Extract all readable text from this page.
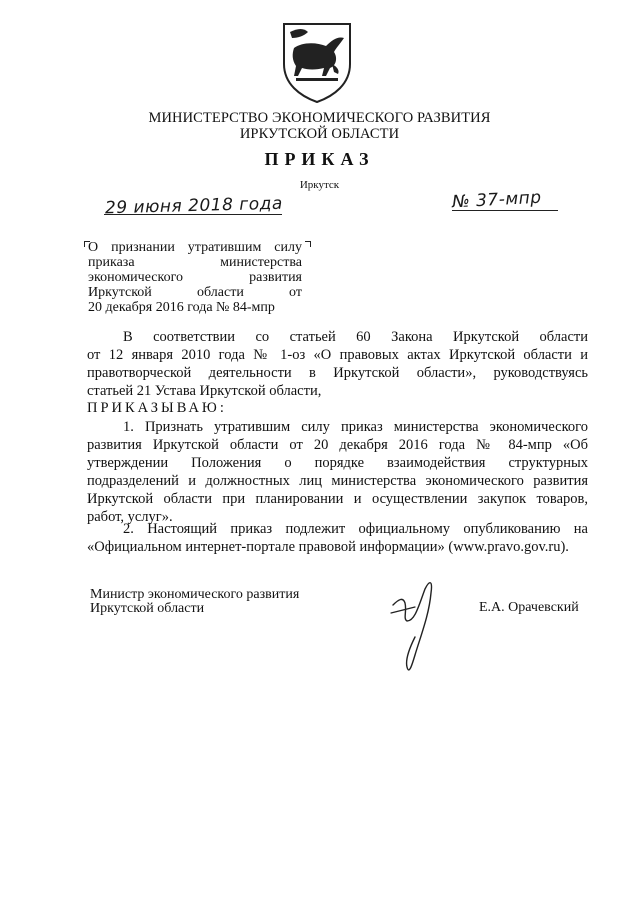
МИНИСТЕРСТВО ЭКОНОМИЧЕСКОГО РАЗВИТИЯ
ИРКУТСКОЙ ОБЛАСТИ
ПРИКАЗ
Иркутск
29 июня 2018 года	№ 37-мпр
О признании утратившим силу
приказа министерства
экономического развития
Иркутской области от
20 декабря 2016 года № 84-мпр

В соответствии со статьей 60 Закона Иркутской области

от 12 января 2010 года № 1-оз «О правовых актах Иркутской области и

правотворческой деятельности в Иркутской области», руководствуясь

статьей 21 Устава Иркутской области,

ПРИКАЗЫВАЮ:

1. Признать утратившим силу приказ министерства экономического

развития Иркутской области от 20 декабря 2016 года № 84-мпр «Об

утверждении Положения о порядке взаимодействия структурных

подразделений и должностных лиц министерства экономического развития

Иркутской области при планировании и осуществлении закупок товаров,

работ, услуг».

2. Настоящий приказ подлежит официальному опубликованию на

«Официальном интернет-портале правовой информации» (www.pravo.gov.ru).

Министр экономического развития
Иркутской области	Е.А. Орачевский
